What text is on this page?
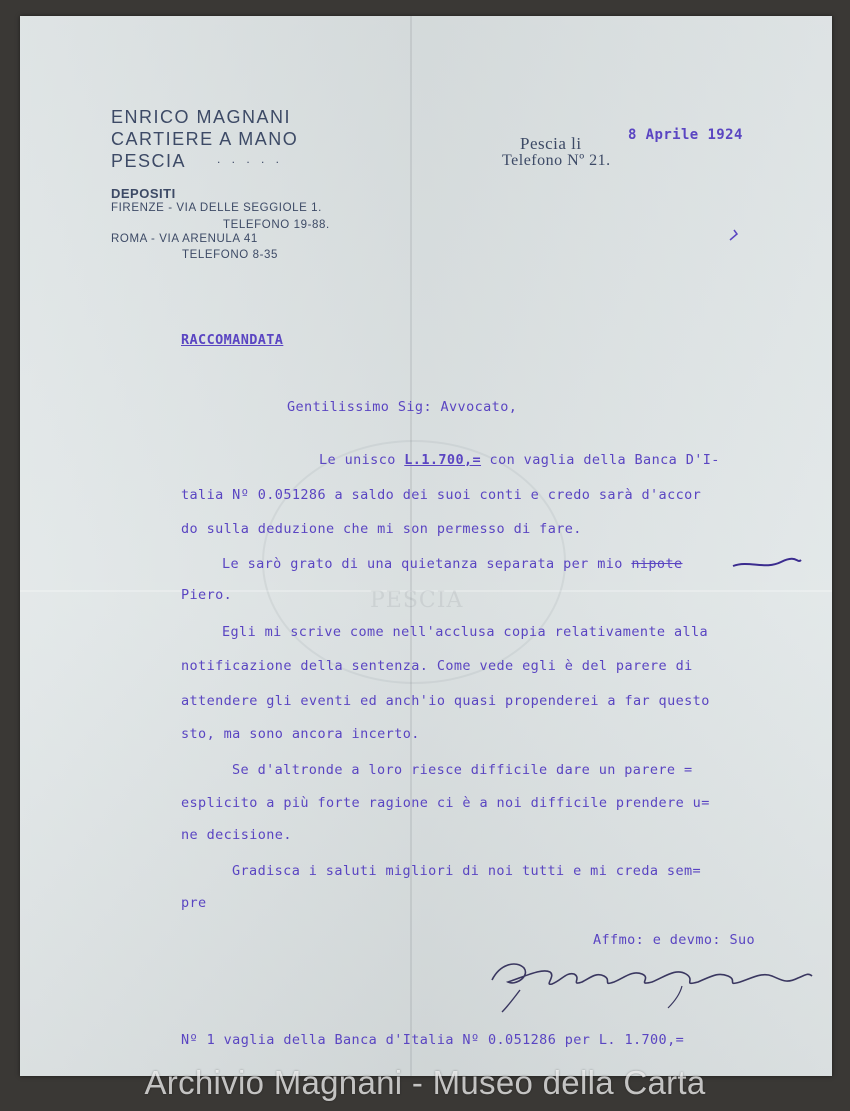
PESCIA
ENRICO MAGNANI
CARTIERE A MANO
PESCIA	. . . . .
DEPOSITI
FIRENZE - VIA DELLE SEGGIOLE 1.
TELEFONO 19-88.
ROMA - VIA ARENULA 41
TELEFONO 8-35
Pescia li
Telefono Nº 21.
8 Aprile 1924
RACCOMANDATA
Gentilissimo Sig: Avvocato,
Le unisco L.1.700,= con vaglia della Banca D'I-
talia Nº 0.051286 a saldo dei suoi conti e credo sarà d'accor
do sulla deduzione che mi son permesso di fare.
Le sarò grato di una quietanza separata per mio nipote
Piero.
Egli mi scrive come nell'acclusa copia relativamente alla
notificazione della sentenza. Come vede egli è del parere di
attendere gli eventi ed anch'io quasi propenderei a far questo
sto, ma sono ancora incerto.
Se d'altronde a loro riesce difficile dare un parere =
esplicito a più forte ragione ci è a noi difficile prendere u=
ne decisione.
Gradisca i saluti migliori di noi tutti e mi creda sem=
pre
Affmo: e devmo: Suo
Nº 1 vaglia della Banca d'Italia Nº 0.051286 per L. 1.700,=
Archivio Magnani - Museo della Carta
